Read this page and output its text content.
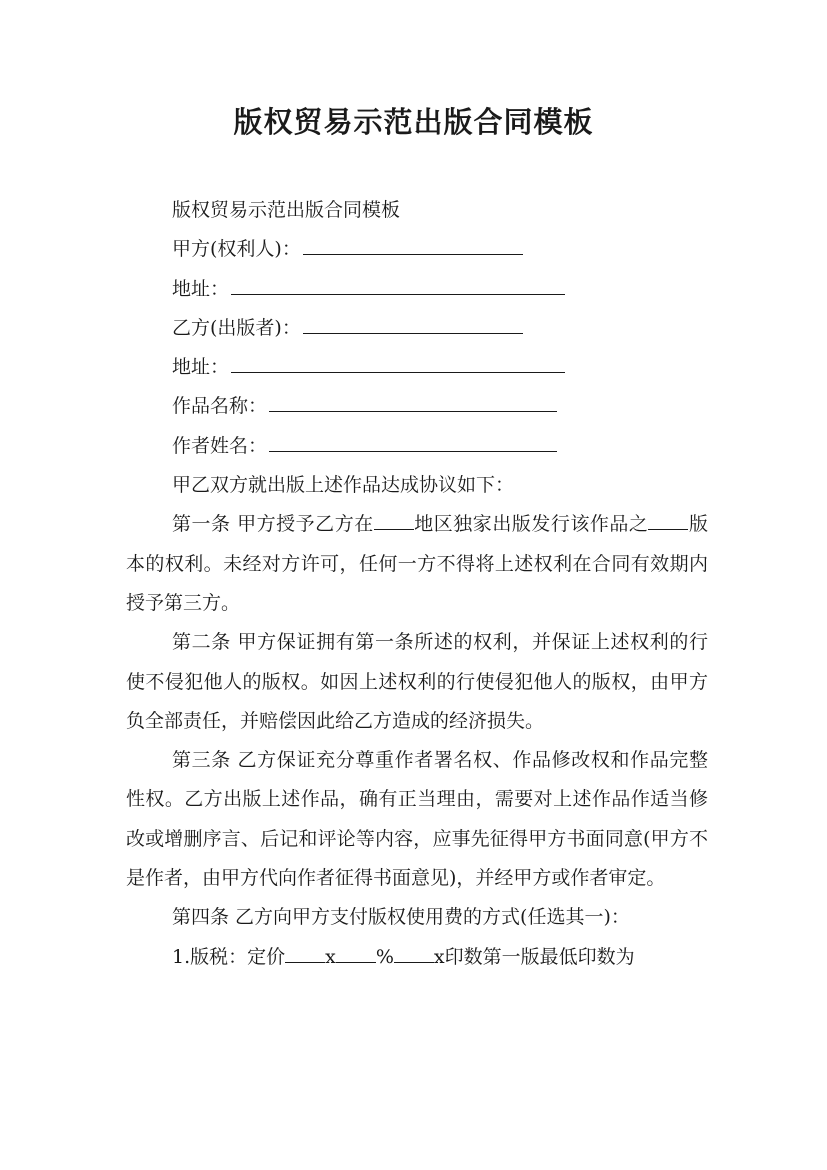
版权贸易示范出版合同模板
版权贸易示范出版合同模板
甲方(权利人)：
地址：
乙方(出版者)：
地址：
作品名称：
作者姓名：
甲乙双方就出版上述作品达成协议如下：

第一条 甲方授予乙方在 地区独家出版发行该作品之 版本的权利。未经对方许可，任何一方不得将上述权利在合同有效期内授予第三方。

第二条 甲方保证拥有第一条所述的权利，并保证上述权利的行使不侵犯他人的版权。如因上述权利的行使侵犯他人的版权，由甲方负全部责任，并赔偿因此给乙方造成的经济损失。

第三条 乙方保证充分尊重作者署名权、作品修改权和作品完整性权。乙方出版上述作品，确有正当理由，需要对上述作品作适当修改或增删序言、后记和评论等内容，应事先征得甲方书面同意(甲方不是作者，由甲方代向作者征得书面意见)，并经甲方或作者审定。

第四条 乙方向甲方支付版权使用费的方式(任选其一)：
1.版税：定价 x % x印数第一版最低印数为
